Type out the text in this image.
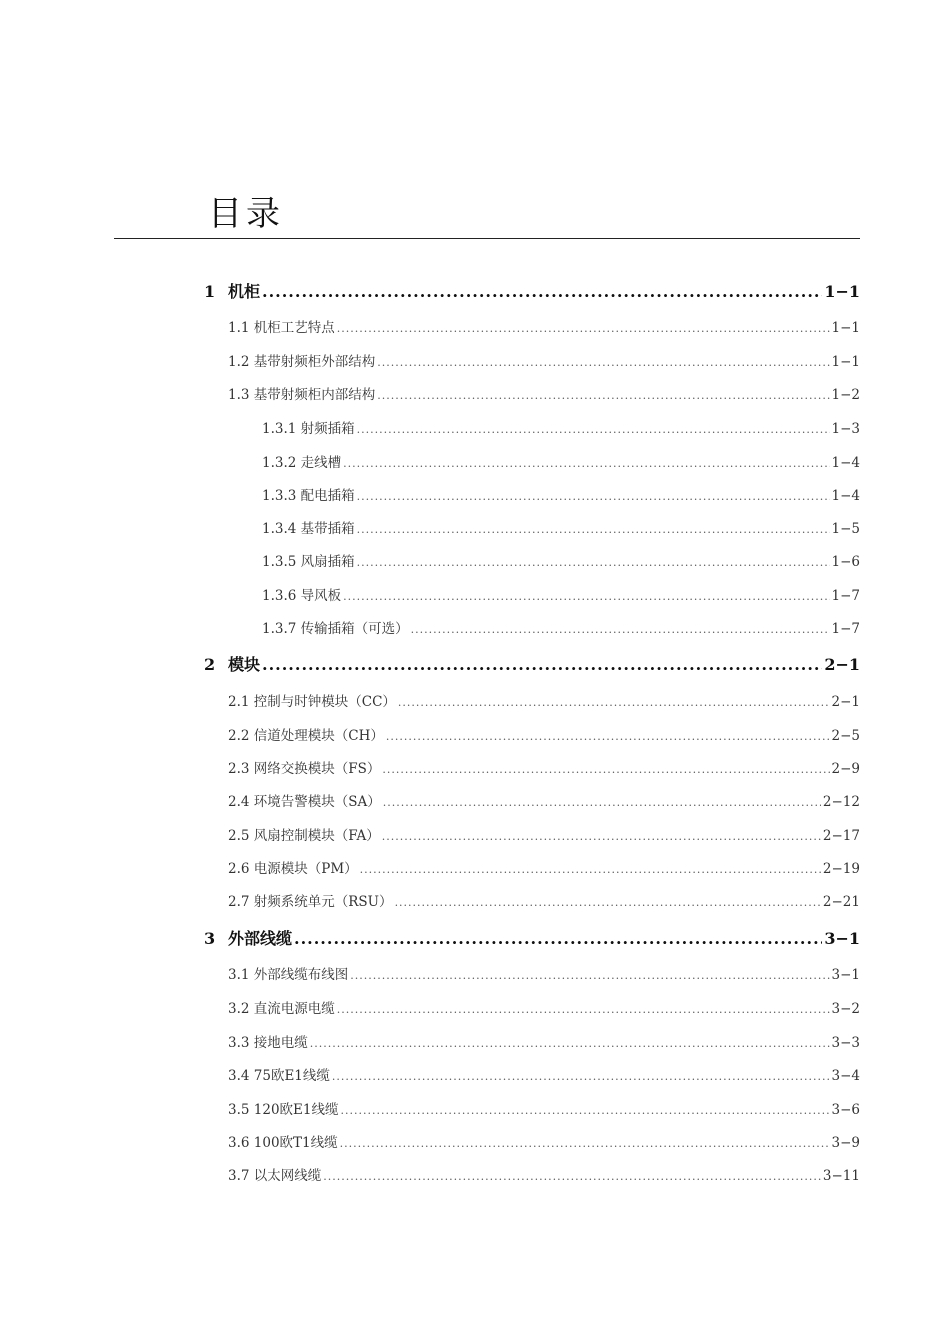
目录
1 机柜 .....	1−1
1.1 机柜工艺特点 .....	1−1
1.2 基带射频柜外部结构 .....	1−1
1.3 基带射频柜内部结构 .....	1−2
1.3.1 射频插箱 .....	1−3
1.3.2 走线槽 .....	1−4
1.3.3 配电插箱 .....	1−4
1.3.4 基带插箱 .....	1−5
1.3.5 风扇插箱 .....	1−6
1.3.6 导风板 .....	1−7
1.3.7 传输插箱（可选） .....	1−7
2 模块 .....	2−1
2.1 控制与时钟模块（CC） .....	2−1
2.2 信道处理模块（CH） .....	2−5
2.3 网络交换模块（FS） .....	2−9
2.4 环境告警模块（SA） .....	2−12
2.5 风扇控制模块（FA） .....	2−17
2.6 电源模块（PM） .....	2−19
2.7 射频系统单元（RSU） .....	2−21
3 外部线缆 .....	3−1
3.1 外部线缆布线图 .....	3−1
3.2 直流电源电缆 .....	3−2
3.3 接地电缆 .....	3−3
3.4 75欧E1线缆 .....	3−4
3.5 120欧E1线缆 .....	3−6
3.6 100欧T1线缆 .....	3−9
3.7 以太网线缆 .....	3−11
